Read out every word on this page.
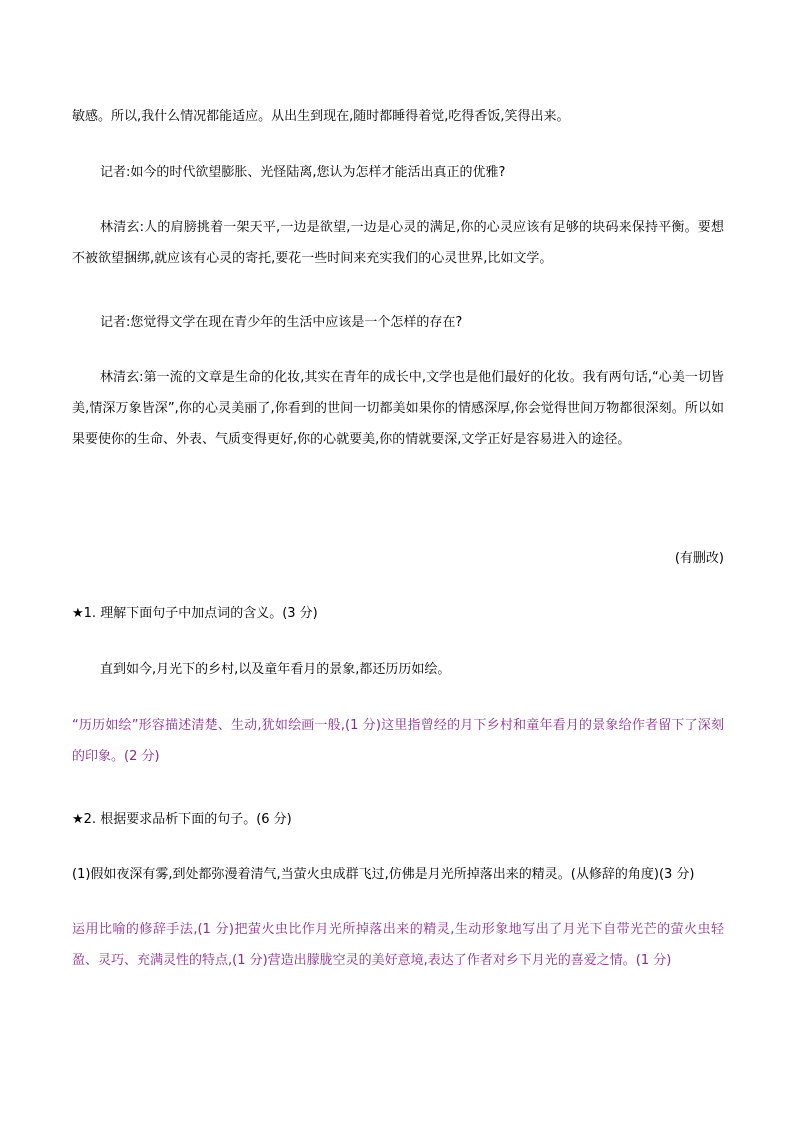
敏感。所以,我什么情况都能适应。从出生到现在,随时都睡得着觉,吃得香饭,笑得出来。

记者:如今的时代欲望膨胀、光怪陆离,您认为怎样才能活出真正的优雅?

林清玄:人的肩膀挑着一架天平,一边是欲望,一边是心灵的满足,你的心灵应该有足够的块码来保持平衡。要想不被欲望捆绑,就应该有心灵的寄托,要花一些时间来充实我们的心灵世界,比如文学。

记者:您觉得文学在现在青少年的生活中应该是一个怎样的存在?

林清玄:第一流的文章是生命的化妆,其实在青年的成长中,文学也是他们最好的化妆。我有两句话,“心美一切皆美,情深万象皆深”,你的心灵美丽了,你看到的世间一切都美如果你的情感深厚,你会觉得世间万物都很深刻。所以如果要使你的生命、外表、气质变得更好,你的心就要美,你的情就要深,文学正好是容易进入的途径。

(有删改)

★1. 理解下面句子中加点词的含义。(3 分)

直到如今,月光下的乡村,以及童年看月的景象,都还历历如绘。

“历历如绘”形容描述清楚、生动,犹如绘画一般,(1 分)这里指曾经的月下乡村和童年看月的景象给作者留下了深刻的印象。(2 分)

★2. 根据要求品析下面的句子。(6 分)

(1)假如夜深有雾,到处都弥漫着清气,当萤火虫成群飞过,仿佛是月光所掉落出来的精灵。(从修辞的角度)(3 分)

运用比喻的修辞手法,(1 分)把萤火虫比作月光所掉落出来的精灵,生动形象地写出了月光下自带光芒的萤火虫轻盈、灵巧、充满灵性的特点,(1 分)营造出朦胧空灵的美好意境,表达了作者对乡下月光的喜爱之情。(1 分)
